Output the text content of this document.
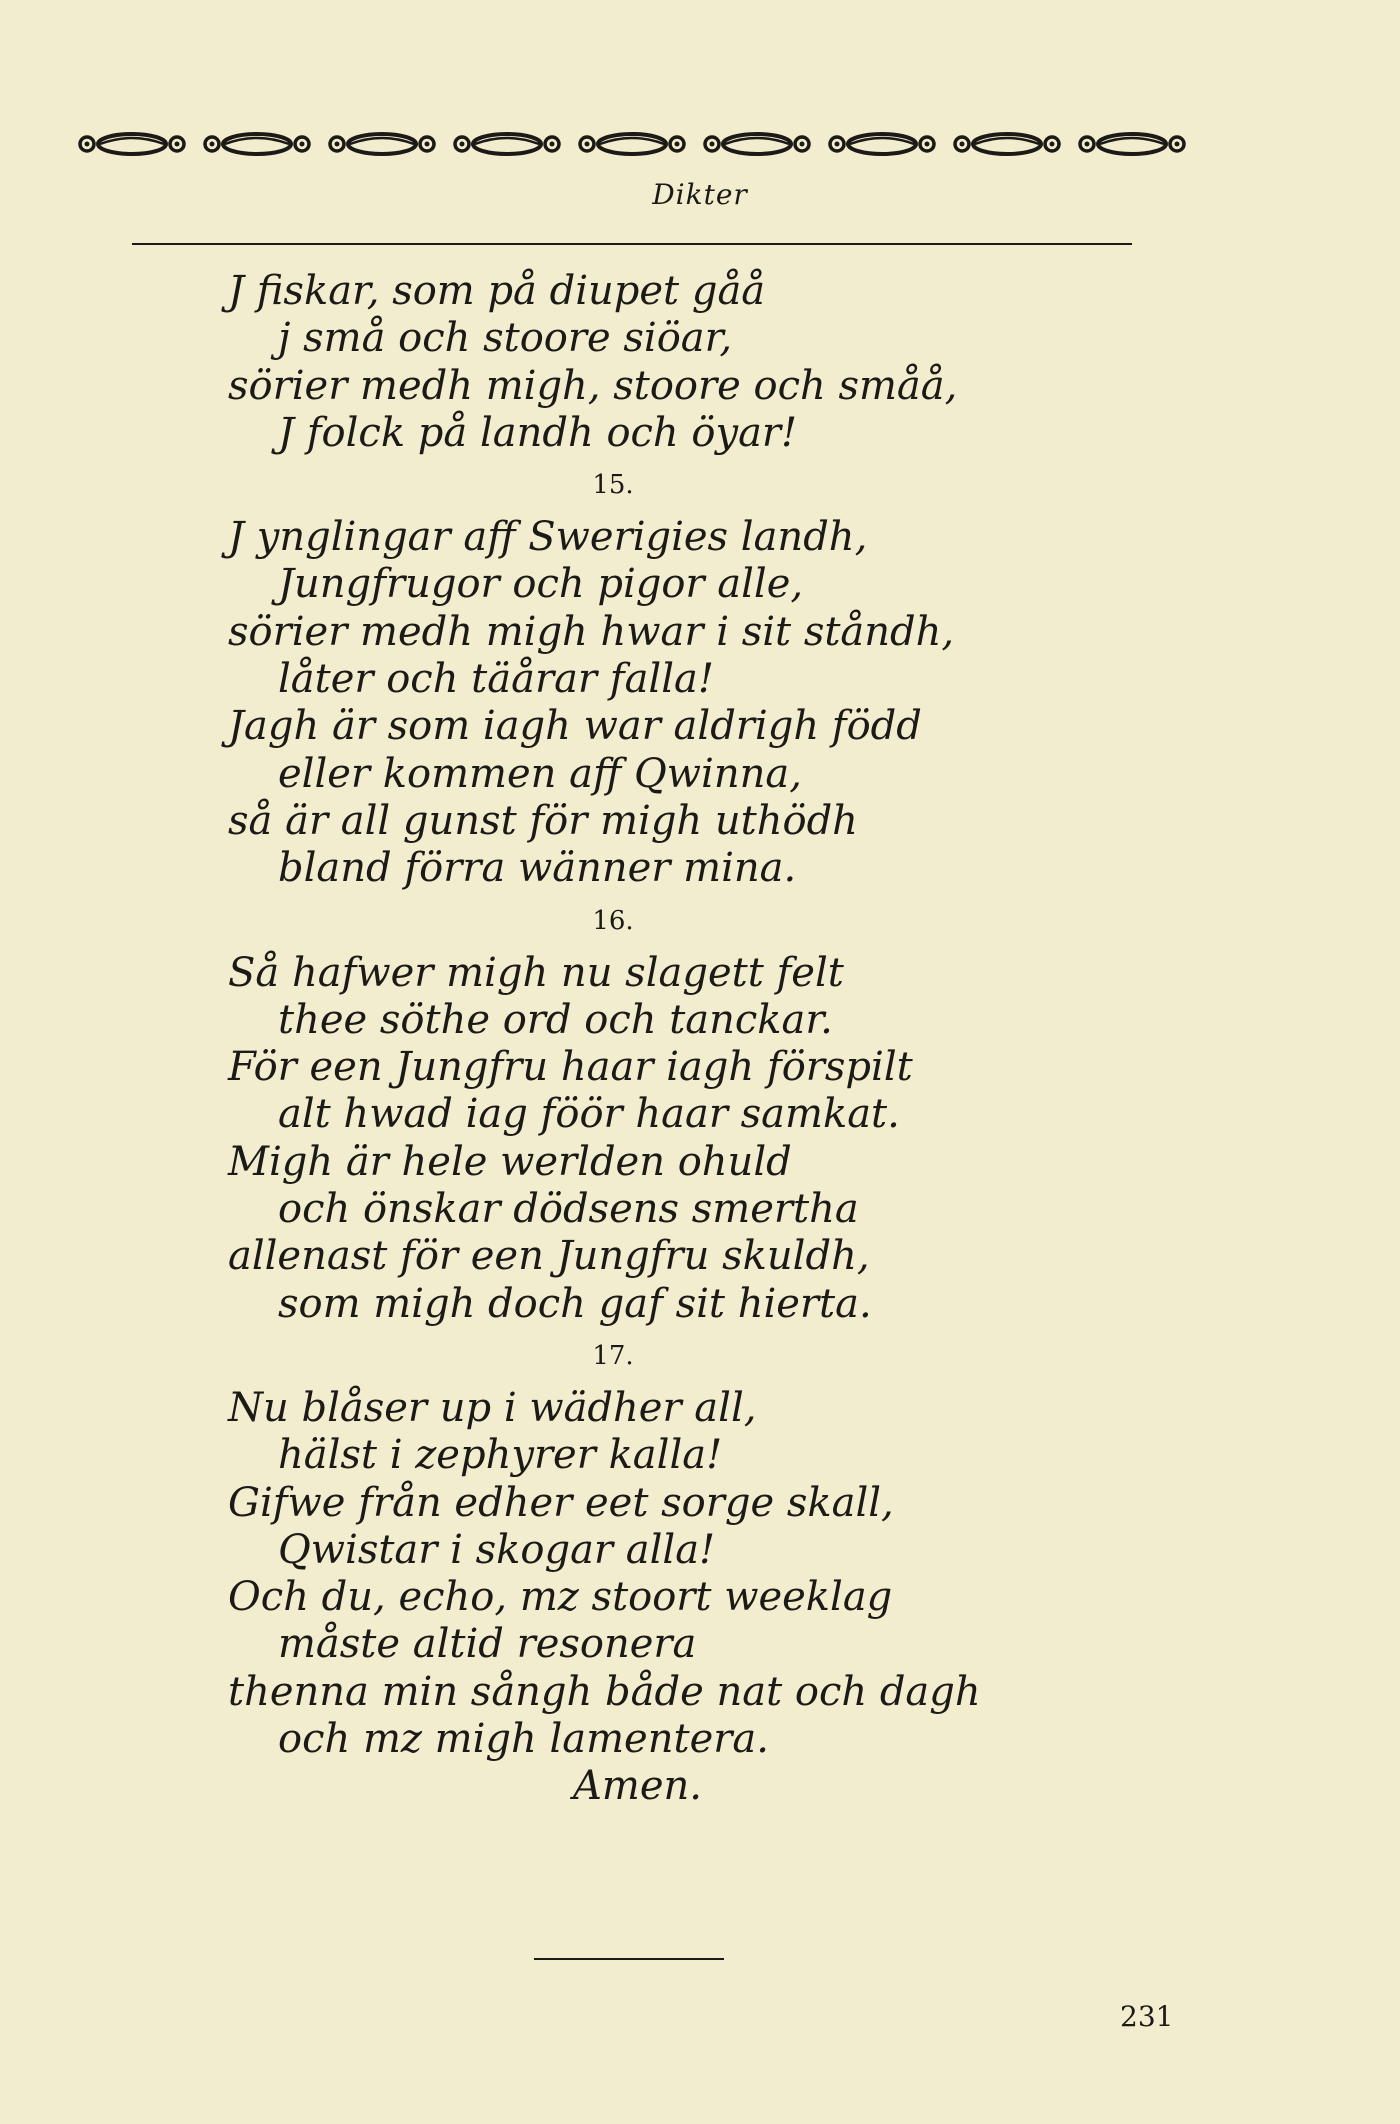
Dikter
J fiskar, som på diupet gåå
j små och stoore siöar,
sörier medh migh, stoore och småå,
J folck på landh och öyar!
15.
J ynglingar aff Swerigies landh,
Jungfrugor och pigor alle,
sörier medh migh hwar i sit ståndh,
låter och täårar falla!
Jagh är som iagh war aldrigh född
eller kommen aff Qwinna,
så är all gunst för migh uthödh
bland förra wänner mina.
16.
Så hafwer migh nu slagett felt
thee söthe ord och tanckar.
För een Jungfru haar iagh förspilt
alt hwad iag föör haar samkat.
Migh är hele werlden ohuld
och önskar dödsens smertha
allenast för een Jungfru skuldh,
som migh doch gaf sit hierta.
17.
Nu blåser up i wädher all,
hälst i zephyrer kalla!
Gifwe från edher eet sorge skall,
Qwistar i skogar alla!
Och du, echo, mz stoort weeklag
måste altid resonera
thenna min sångh både nat och dagh
och mz migh lamentera.
Amen.
231
